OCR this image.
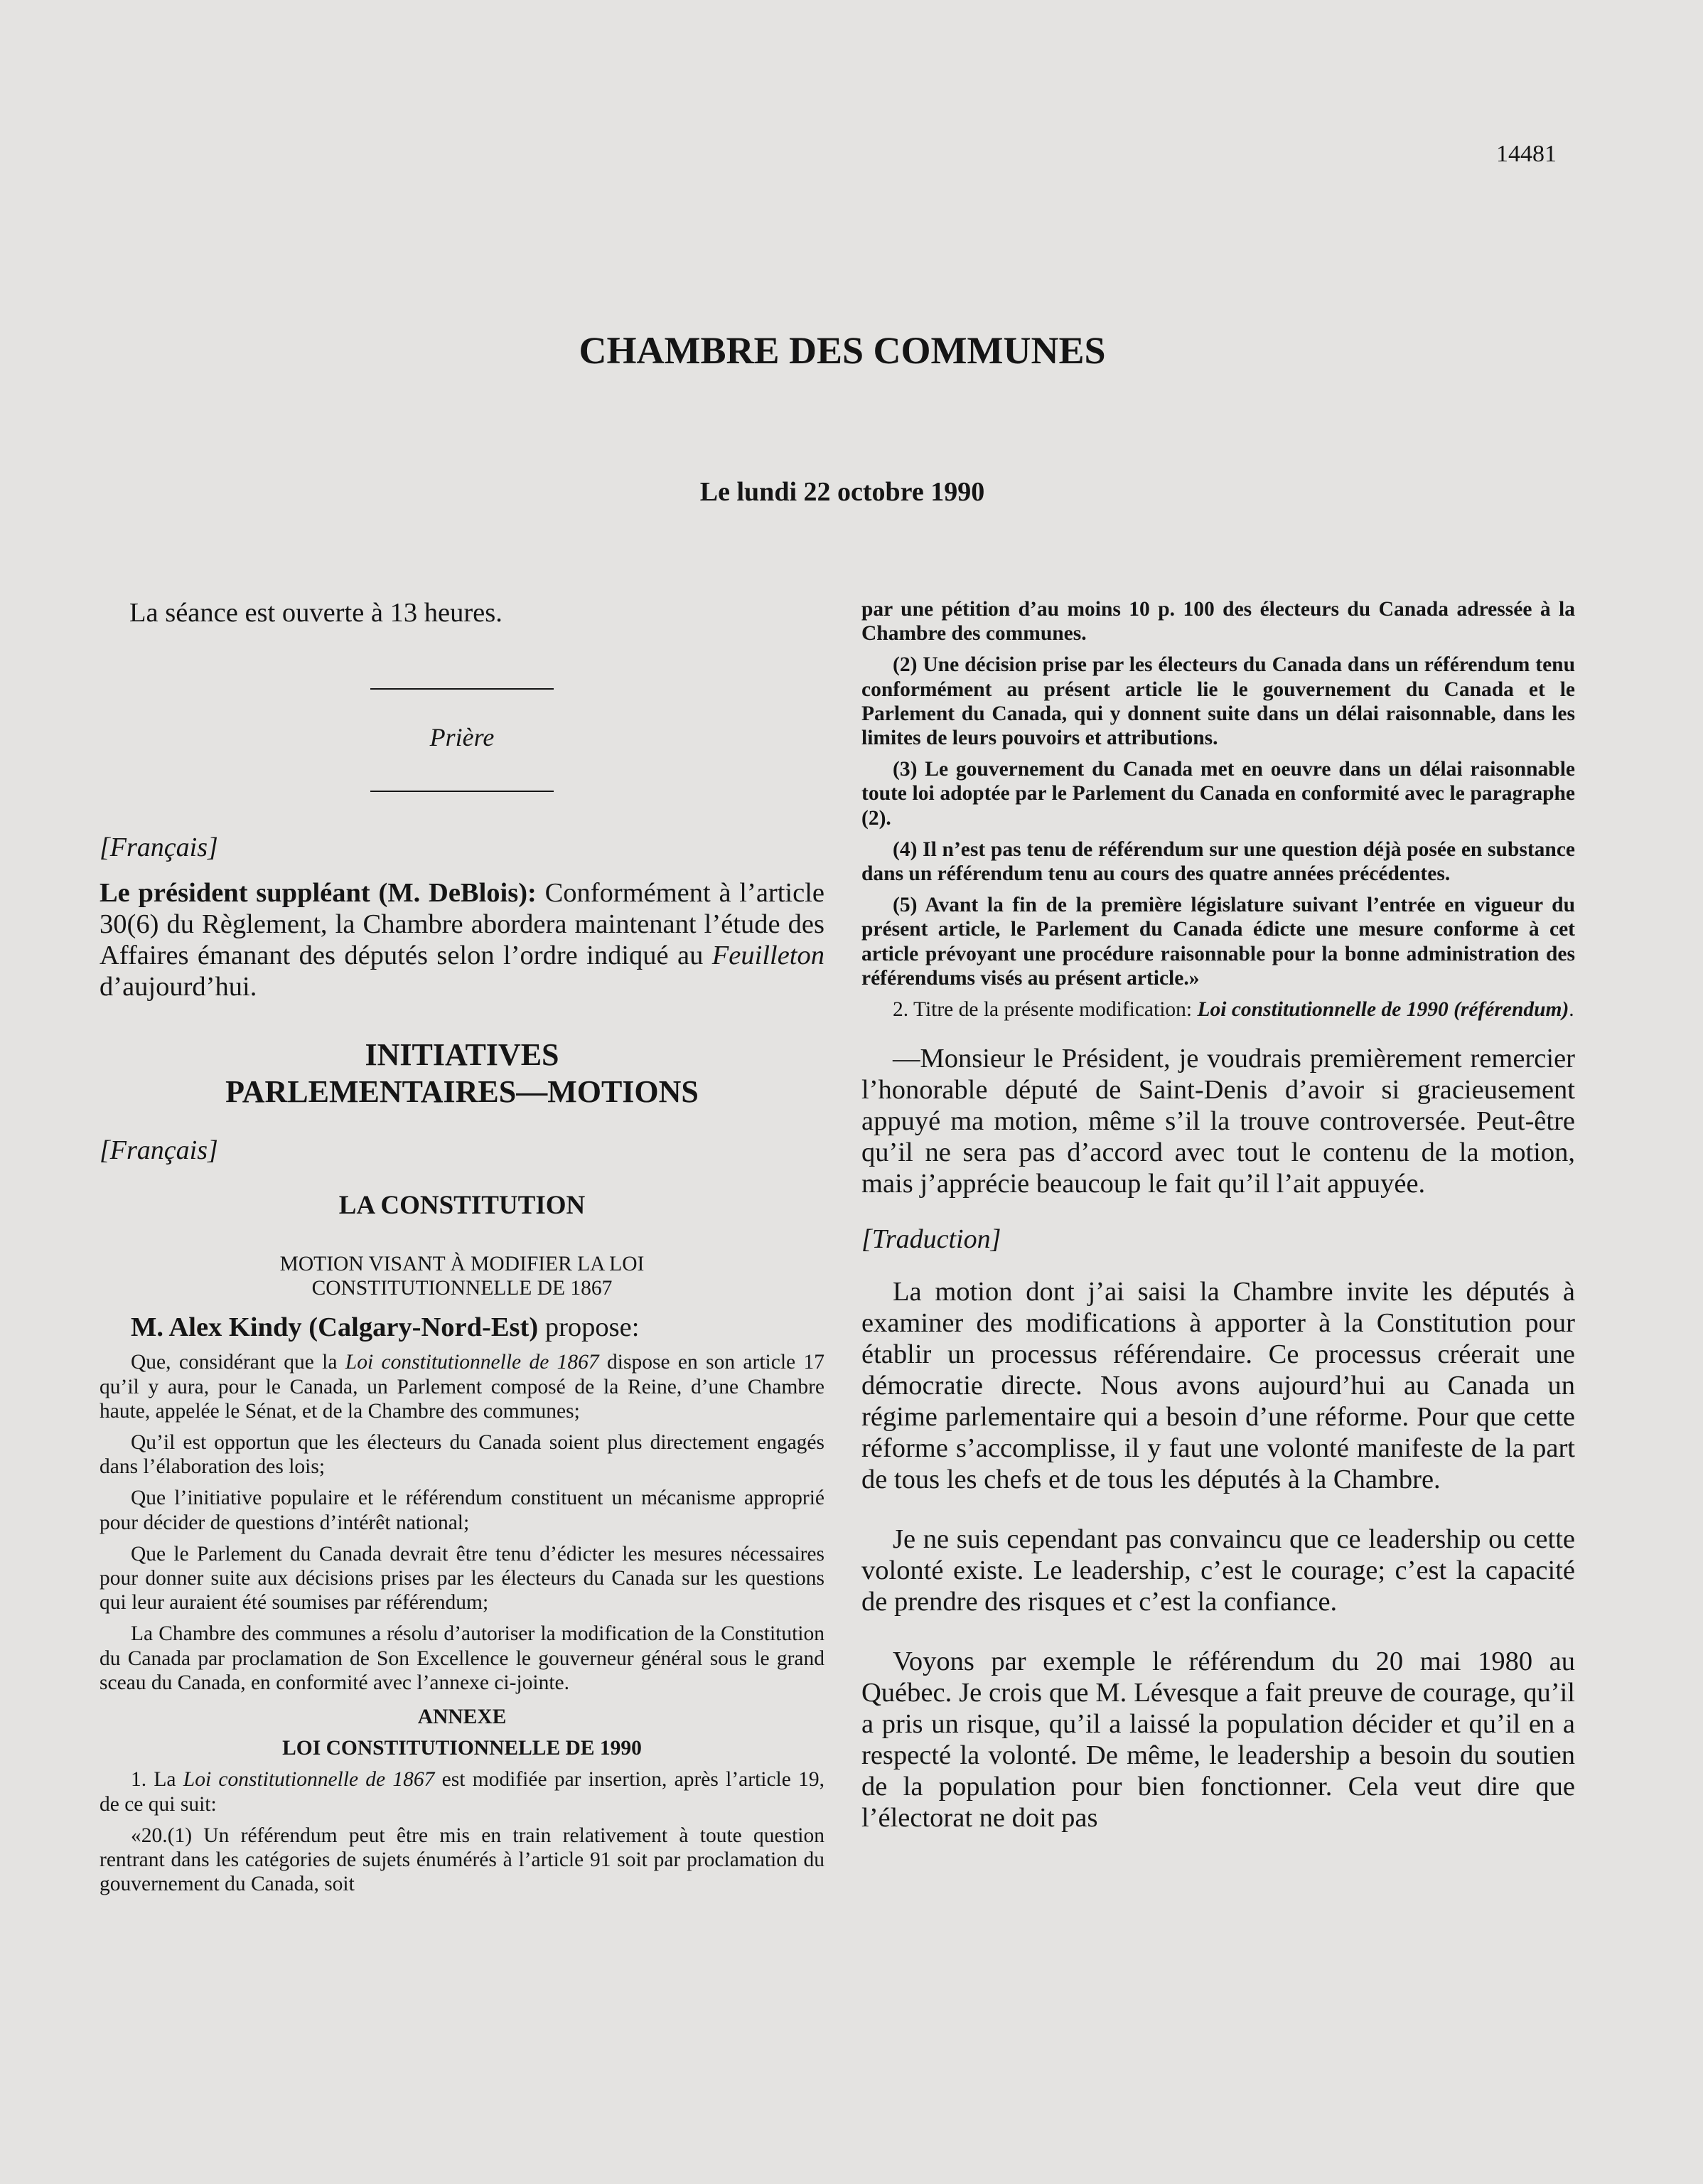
14481
CHAMBRE DES COMMUNES
Le lundi 22 octobre 1990

La séance est ouverte à 13 heures.

Prière

[Français]

Le président suppléant (M. DeBlois): Conformément à l’article 30(6) du Règlement, la Chambre abordera maintenant l’étude des Affaires émanant des députés selon l’ordre indiqué au Feuilleton d’aujourd’hui.

INITIATIVES
PARLEMENTAIRES—MOTIONS

[Français]

LA CONSTITUTION
MOTION VISANT À MODIFIER LA LOI
CONSTITUTIONNELLE DE 1867

M. Alex Kindy (Calgary-Nord-Est) propose:

Que, considérant que la Loi constitutionnelle de 1867 dispose en son article 17 qu’il y aura, pour le Canada, un Parlement composé de la Reine, d’une Chambre haute, appelée le Sénat, et de la Chambre des communes;

Qu’il est opportun que les électeurs du Canada soient plus directement engagés dans l’élaboration des lois;

Que l’initiative populaire et le référendum constituent un mécanisme approprié pour décider de questions d’intérêt national;

Que le Parlement du Canada devrait être tenu d’édicter les mesures nécessaires pour donner suite aux décisions prises par les électeurs du Canada sur les questions qui leur auraient été soumises par référendum;

La Chambre des communes a résolu d’autoriser la modification de la Constitution du Canada par proclamation de Son Excellence le gouverneur général sous le grand sceau du Canada, en conformité avec l’annexe ci-jointe.

ANNEXE
LOI CONSTITUTIONNELLE DE 1990

1. La Loi constitutionnelle de 1867 est modifiée par insertion, après l’article 19, de ce qui suit:

«20.(1) Un référendum peut être mis en train relativement à toute question rentrant dans les catégories de sujets énumérés à l’article 91 soit par proclamation du gouvernement du Canada, soit

par une pétition d’au moins 10 p. 100 des électeurs du Canada adressée à la Chambre des communes.

(2) Une décision prise par les électeurs du Canada dans un référendum tenu conformément au présent article lie le gouvernement du Canada et le Parlement du Canada, qui y donnent suite dans un délai raisonnable, dans les limites de leurs pouvoirs et attributions.

(3) Le gouvernement du Canada met en oeuvre dans un délai raisonnable toute loi adoptée par le Parlement du Canada en conformité avec le paragraphe (2).

(4) Il n’est pas tenu de référendum sur une question déjà posée en substance dans un référendum tenu au cours des quatre années précédentes.

(5) Avant la fin de la première législature suivant l’entrée en vigueur du présent article, le Parlement du Canada édicte une mesure conforme à cet article prévoyant une procédure raisonnable pour la bonne administration des référendums visés au présent article.»

2. Titre de la présente modification: Loi constitutionnelle de 1990 (référendum).

—Monsieur le Président, je voudrais premièrement remercier l’honorable député de Saint-Denis d’avoir si gracieusement appuyé ma motion, même s’il la trouve controversée. Peut-être qu’il ne sera pas d’accord avec tout le contenu de la motion, mais j’apprécie beaucoup le fait qu’il l’ait appuyée.

[Traduction]

La motion dont j’ai saisi la Chambre invite les députés à examiner des modifications à apporter à la Constitution pour établir un processus référendaire. Ce processus créerait une démocratie directe. Nous avons aujourd’hui au Canada un régime parlementaire qui a besoin d’une réforme. Pour que cette réforme s’accomplisse, il y faut une volonté manifeste de la part de tous les chefs et de tous les députés à la Chambre.

Je ne suis cependant pas convaincu que ce leadership ou cette volonté existe. Le leadership, c’est le courage; c’est la capacité de prendre des risques et c’est la confiance.

Voyons par exemple le référendum du 20 mai 1980 au Québec. Je crois que M. Lévesque a fait preuve de courage, qu’il a pris un risque, qu’il a laissé la population décider et qu’il en a respecté la volonté. De même, le leadership a besoin du soutien de la population pour bien fonctionner. Cela veut dire que l’électorat ne doit pas
